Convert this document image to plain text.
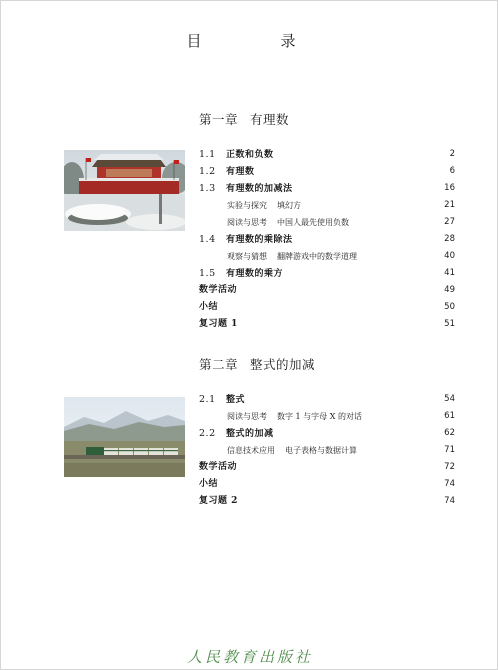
目　录
第一章 有理数
1.1 正数和负数	2
1.2 有理数	6
1.3 有理数的加减法	16
实验与探究 填幻方	21
阅读与思考 中国人最先使用负数	27
1.4 有理数的乘除法	28
观察与猜想 翻牌游戏中的数学道理	40
1.5 有理数的乘方	41
数学活动	49
小结	50
复习题 1	51
第二章 整式的加减
2.1 整式	54
阅读与思考 数字 1 与字母 X 的对话	61
2.2 整式的加减	62
信息技术应用 电子表格与数据计算	71
数学活动	72
小结	74
复习题 2	74
人民教育出版社
